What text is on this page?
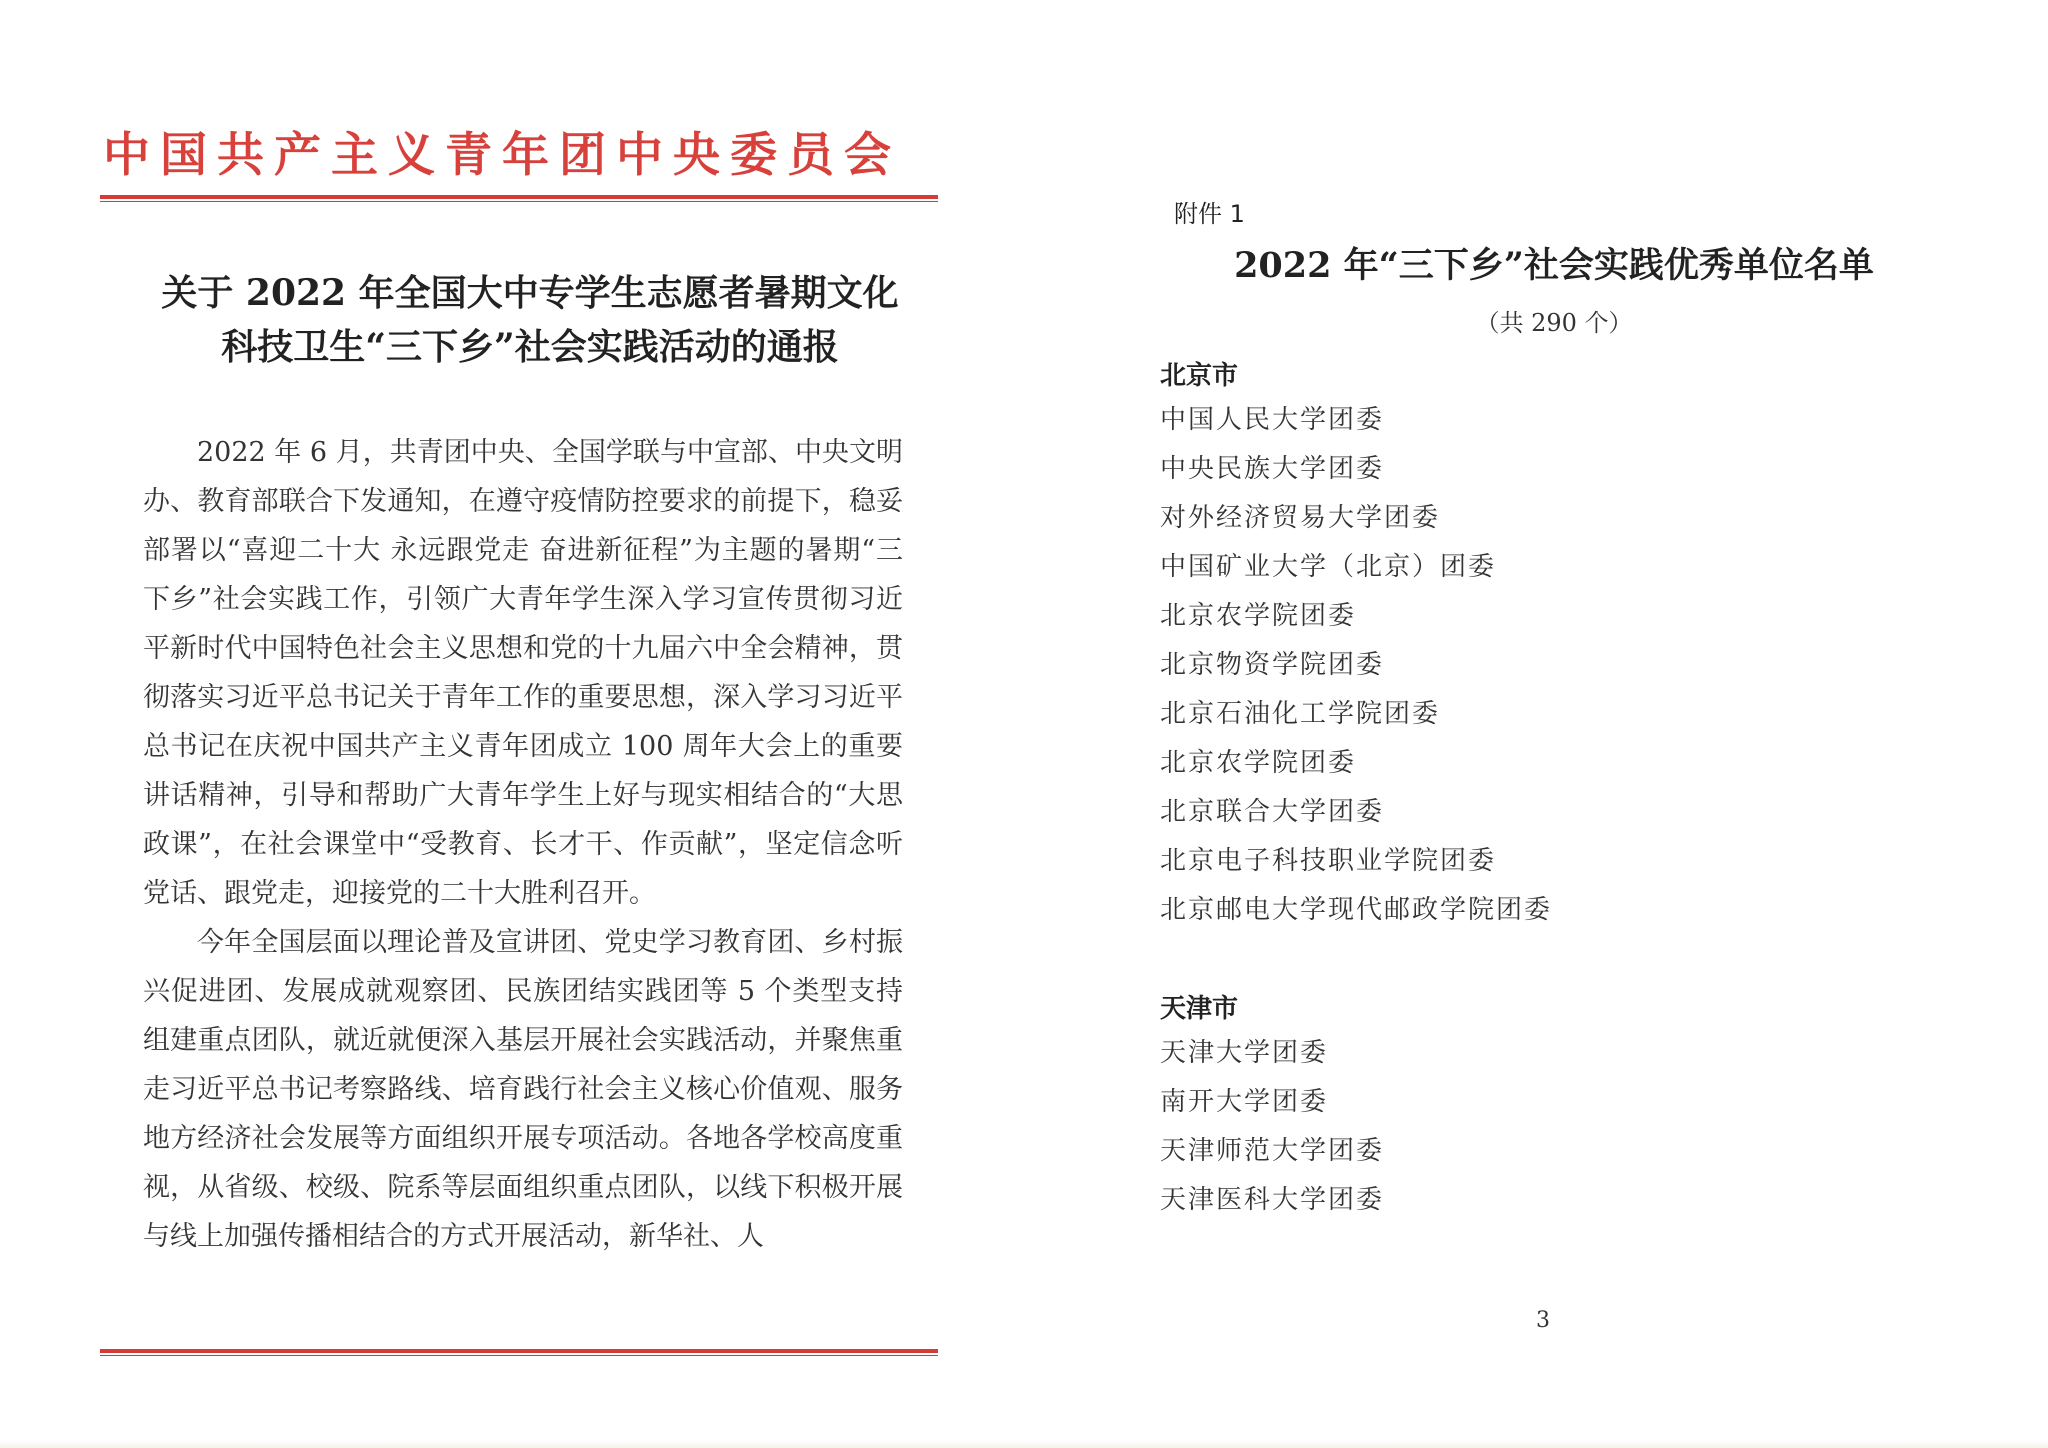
中国共产主义青年团中央委员会
关于 2022 年全国大中专学生志愿者暑期文化
科技卫生“三下乡”社会实践活动的通报

2022 年 6 月，共青团中央、全国学联与中宣部、中央文明办、教育部联合下发通知，在遵守疫情防控要求的前提下，稳妥部署以“喜迎二十大 永远跟党走 奋进新征程”为主题的暑期“三下乡”社会实践工作，引领广大青年学生深入学习宣传贯彻习近平新时代中国特色社会主义思想和党的十九届六中全会精神，贯彻落实习近平总书记关于青年工作的重要思想，深入学习习近平总书记在庆祝中国共产主义青年团成立 100 周年大会上的重要讲话精神，引导和帮助广大青年学生上好与现实相结合的“大思政课”，在社会课堂中“受教育、长才干、作贡献”，坚定信念听党话、跟党走，迎接党的二十大胜利召开。

今年全国层面以理论普及宣讲团、党史学习教育团、乡村振兴促进团、发展成就观察团、民族团结实践团等 5 个类型支持组建重点团队，就近就便深入基层开展社会实践活动，并聚焦重走习近平总书记考察路线、培育践行社会主义核心价值观、服务地方经济社会发展等方面组织开展专项活动。各地各学校高度重视，从省级、校级、院系等层面组织重点团队，以线下积极开展与线上加强传播相结合的方式开展活动，新华社、人

附件 1
2022 年“三下乡”社会实践优秀单位名单
（共 290 个）
北京市
中国人民大学团委
中央民族大学团委
对外经济贸易大学团委
中国矿业大学（北京）团委
北京农学院团委
北京物资学院团委
北京石油化工学院团委
北京农学院团委
北京联合大学团委
北京电子科技职业学院团委
北京邮电大学现代邮政学院团委
天津市
天津大学团委
南开大学团委
天津师范大学团委
天津医科大学团委
3
